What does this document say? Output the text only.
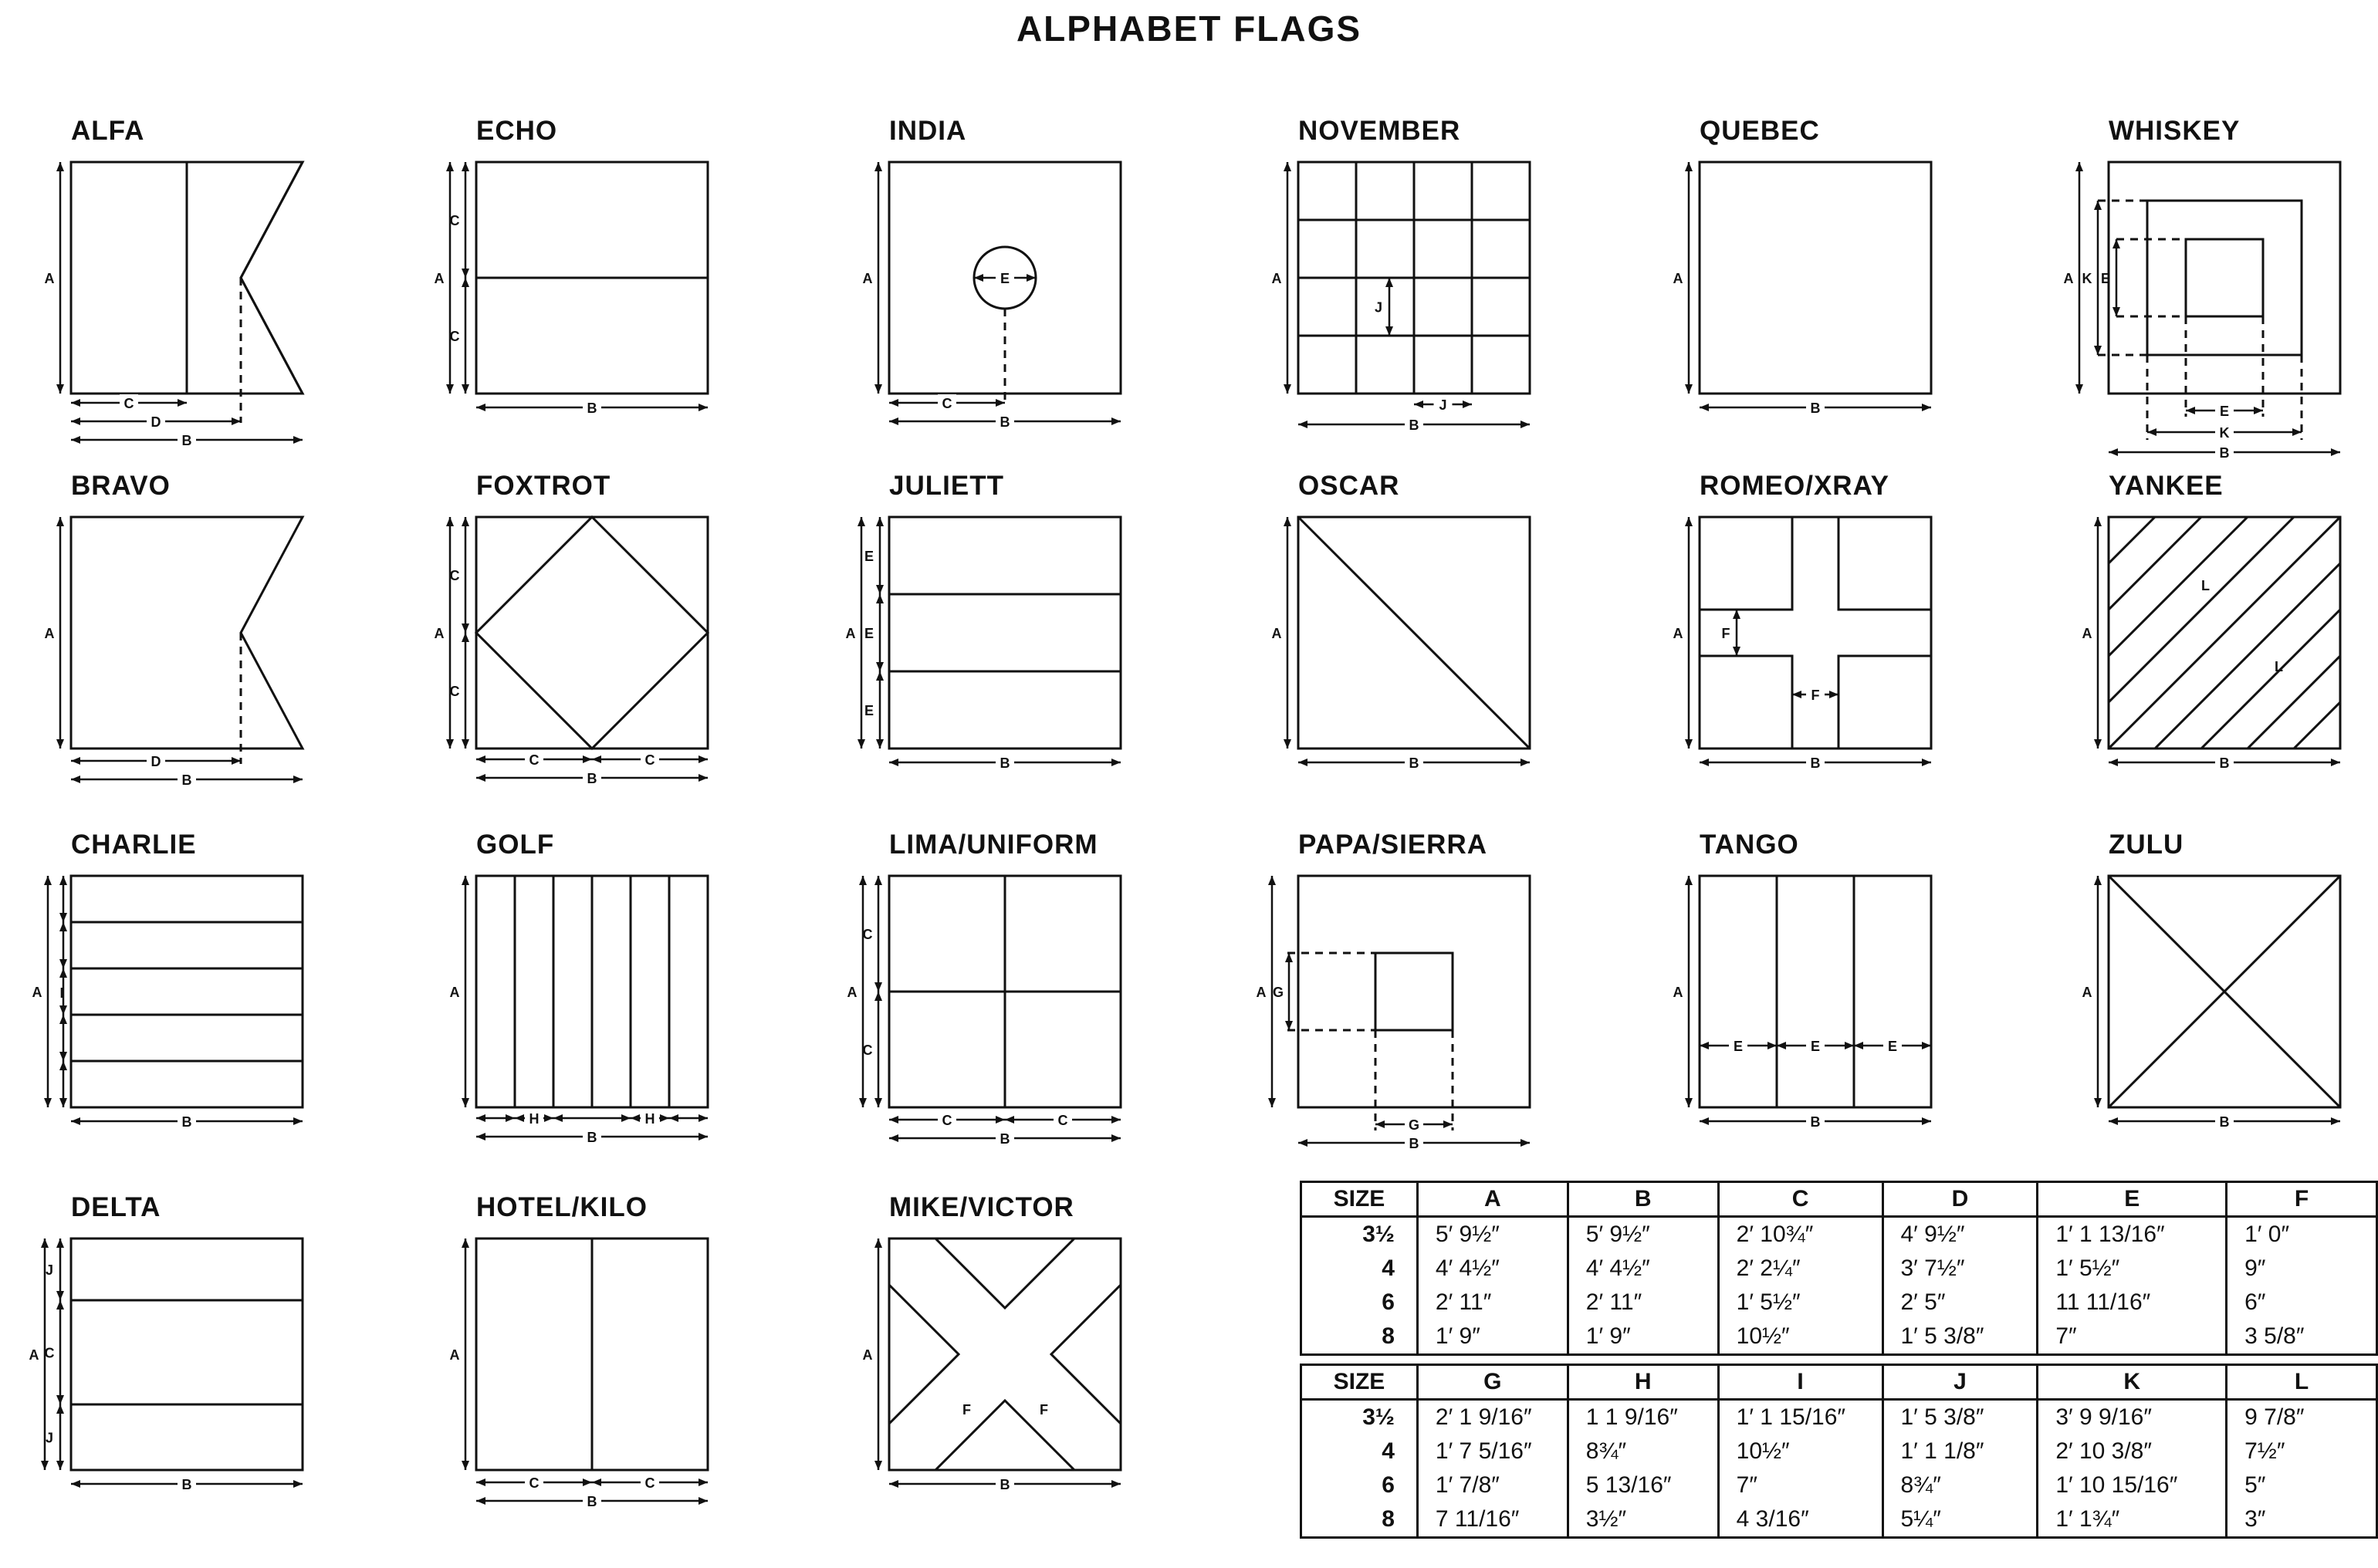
ALPHABET FLAGS
ALFA
A
C
D
B
BRAVO
A
D
B
CHARLIE
A I
B
DELTA
J
C
J
A
B
ECHO
C
C
A
B
FOXTROT
C
C
A
C	C
B
GOLF
A
H	H
B
HOTEL/KILO
A
C	C
B
INDIA
E
A
C
B
JULIETT
E
E
E
A
B
LIMA/UNIFORM
C
C
A
C	C
B
MIKE/VICTOR
F	F
A
B
NOVEMBER
J
J
A
B
OSCAR
A
B
PAPA/SIERRA
G
A
G
B
QUEBEC
A
B
ROMEO/XRAY
F
F
A
B
TANGO
E	E	E
A
B
WHISKEY
E
K
A
E
K
B
YANKEE
L
L
A
B
ZULU
A
B
SIZE	A	B	C	D	E	F
3½	5′ 9½″	5′ 9½″	2′ 10¾″	4′ 9½″	1′ 1 13/16″	1′ 0″
4	4′ 4½″	4′ 4½″	2′ 2¼″	3′ 7½″	1′ 5½″	9″
6	2′ 11″	2′ 11″	1′ 5½″	2′ 5″	11 11/16″	6″
8	1′ 9″	1′ 9″	10½″	1′ 5 3/8″	7″	3 5/8″

SIZE	G	H	I	J	K	L
3½	2′ 1 9/16″	1 1 9/16″	1′ 1 15/16″	1′ 5 3/8″	3′ 9 9/16″	9 7/8″
4	1′ 7 5/16″	8¾″	10½″	1′ 1 1/8″	2′ 10 3/8″	7½″
6	1′ 7/8″	5 13/16″	7″	8¾″	1′ 10 15/16″	5″
8	7 11/16″	3½″	4 3/16″	5¼″	1′ 1¾″	3″
